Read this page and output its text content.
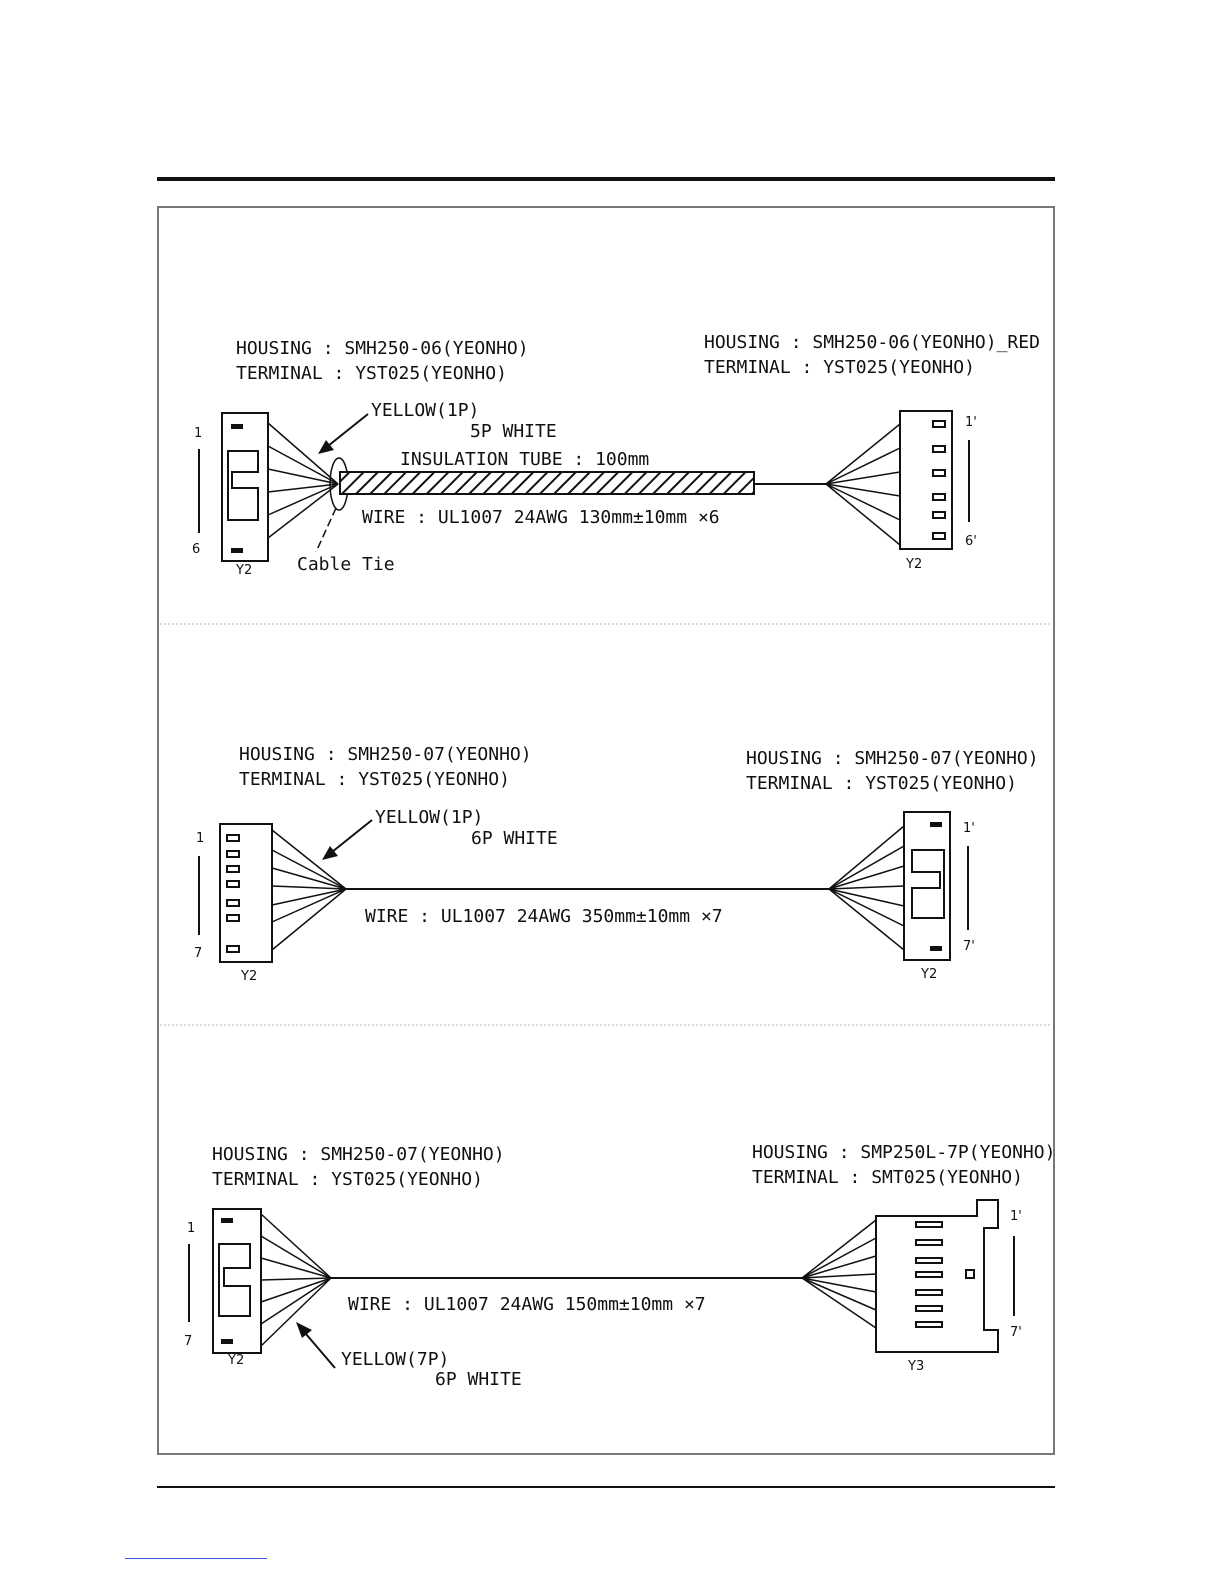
HOUSING : SMH250-06(YEONHO)
TERMINAL : YST025(YEONHO)
HOUSING : SMH250-06(YEONHO)_RED
TERMINAL : YST025(YEONHO)
1
6
Y2 Cable Tie
YELLOW(1P)
5P WHITE
INSULATION TUBE : 100mm
WIRE : UL1007 24AWG 130mm±10mm ×6
1'
6'
Y2
HOUSING : SMH250-07(YEONHO)
TERMINAL : YST025(YEONHO)
HOUSING : SMH250-07(YEONHO)
TERMINAL : YST025(YEONHO)
1
7
Y2
YELLOW(1P)
6P WHITE
WIRE : UL1007 24AWG 350mm±10mm ×7
1'
7'
Y2
HOUSING : SMH250-07(YEONHO)
TERMINAL : YST025(YEONHO)
HOUSING : SMP250L-7P(YEONHO)
TERMINAL : SMT025(YEONHO)
1
7
Y2	YELLOW(7P)
6P WHITE
WIRE : UL1007 24AWG 150mm±10mm ×7
1'
7'
Y3
